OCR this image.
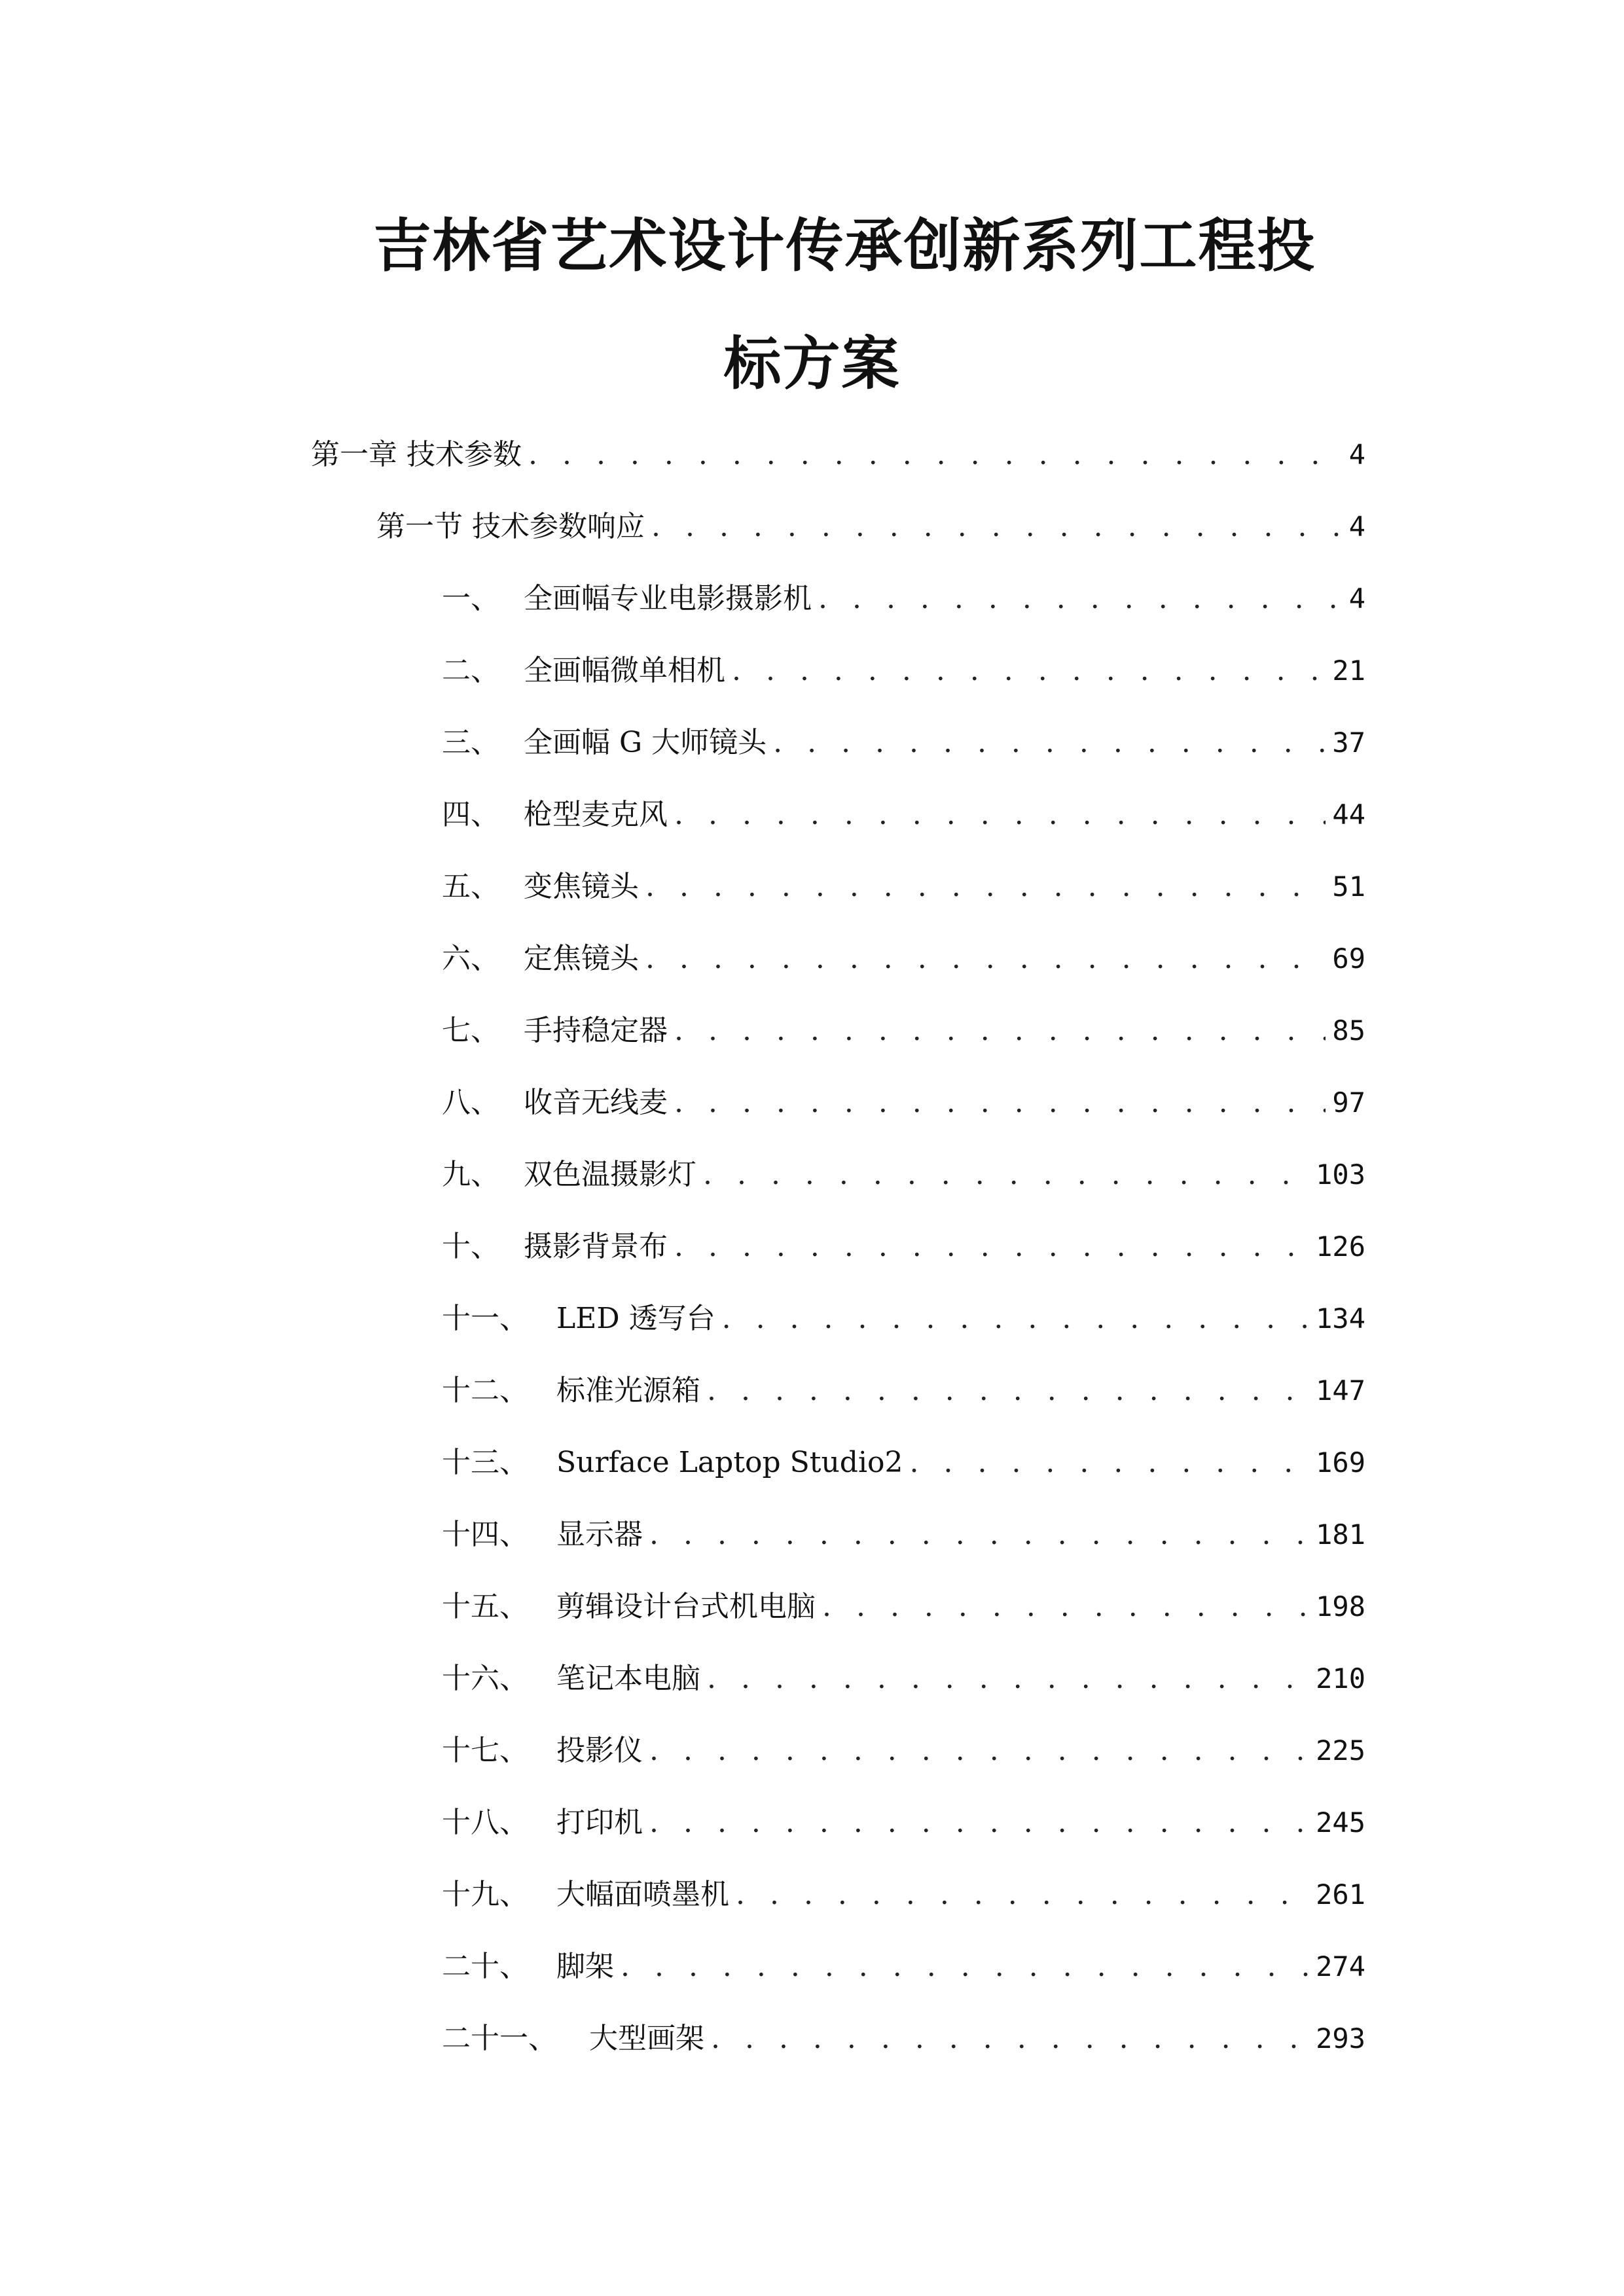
吉林省艺术设计传承创新系列工程投
标方案
第一章 技术参数 . . .	4
第一节 技术参数响应 . . .	4
一、 全画幅专业电影摄影机 . . .	4
二、 全画幅微单相机 . . .	21
三、 全画幅 G 大师镜头 . . .	37
四、 枪型麦克风 . . .	44
五、 变焦镜头 . . .	51
六、 定焦镜头 . . .	69
七、 手持稳定器 . . .	85
八、 收音无线麦 . . .	97
九、 双色温摄影灯 . . .	103
十、 摄影背景布 . . .	126
十一、 LED 透写台 . . .	134
十二、 标准光源箱 . . .	147
十三、 Surface Laptop Studio2 . . .	169
十四、 显示器 . . .	181
十五、 剪辑设计台式机电脑 . . .	198
十六、 笔记本电脑 . . .	210
十七、 投影仪 . . .	225
十八、 打印机 . . .	245
十九、 大幅面喷墨机 . . .	261
二十、 脚架 . . .	274
二十一、	大型画架 . . .	293
